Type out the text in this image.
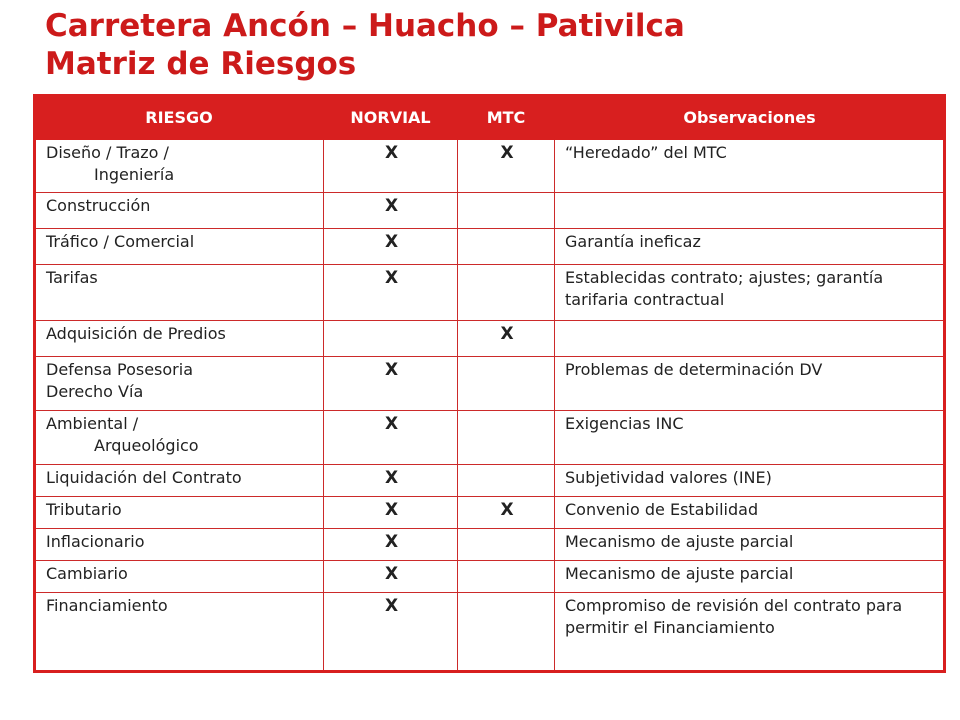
Carretera Ancón – Huacho – Pativilca
Matriz de Riesgos
RIESGO	NORVIAL	MTC	Observaciones

Diseño / Trazo /
Ingeniería	X	X	“Heredado” del MTC

Construcción	X		

Tráfico / Comercial	X		Garantía ineficaz

Tarifas	X		Establecidas contrato; ajustes; garantía tarifaria contractual

Adquisición de Predios		X	

Defensa Posesoria
Derecho Vía	X		Problemas de determinación DV

Ambiental /
Arqueológico	X		Exigencias INC

Liquidación del Contrato	X		Subjetividad valores (INE)

Tributario	X	X	Convenio de Estabilidad

Inflacionario	X		Mecanismo de ajuste parcial

Cambiario	X		Mecanismo de ajuste parcial

Financiamiento	X		Compromiso de revisión del contrato para permitir el Financiamiento
